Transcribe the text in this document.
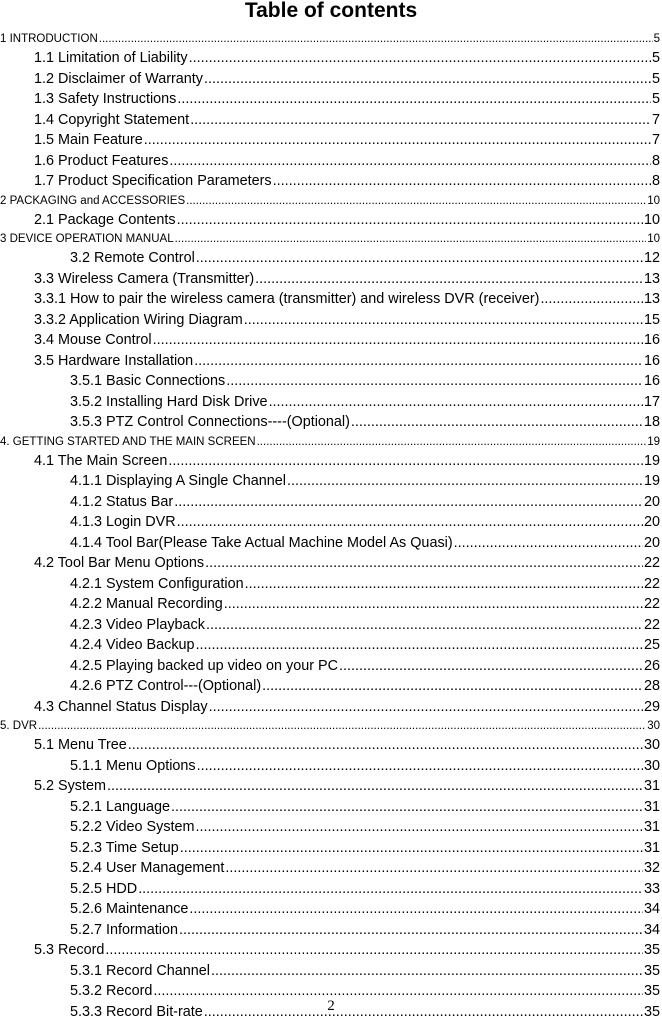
Table of contents
1 INTRODUCTION .....	5
1.1 Limitation of Liability .....	5
1.2 Disclaimer of Warranty .....	5
1.3 Safety Instructions .....	5
1.4 Copyright Statement .....	7
1.5 Main Feature .....	7
1.6 Product Features .....	8
1.7 Product Specification Parameters .....	8
2 PACKAGING and ACCESSORIES .....	10
2.1 Package Contents .....	10
3 DEVICE OPERATION MANUAL .....	10
3.2 Remote Control .....	12
3.3 Wireless Camera (Transmitter) .....	13
3.3.1 How to pair the wireless camera (transmitter) and wireless DVR (receiver) .....	13
3.3.2 Application Wiring Diagram .....	15
3.4 Mouse Control .....	16
3.5 Hardware Installation .....	16
3.5.1 Basic Connections .....	16
3.5.2 Installing Hard Disk Drive .....	17
3.5.3 PTZ Control Connections----(Optional) .....	18
4. GETTING STARTED AND THE MAIN SCREEN .....	19
4.1 The Main Screen .....	19
4.1.1 Displaying A Single Channel .....	19
4.1.2 Status Bar .....	20
4.1.3 Login DVR .....	20
4.1.4 Tool Bar(Please Take Actual Machine Model As Quasi) .....	20
4.2 Tool Bar Menu Options .....	22
4.2.1 System Configuration .....	22
4.2.2 Manual Recording .....	22
4.2.3 Video Playback .....	22
4.2.4 Video Backup .....	25
4.2.5 Playing backed up video on your PC .....	26
4.2.6 PTZ Control---(Optional) .....	28
4.3 Channel Status Display .....	29
5. DVR .....	30
5.1 Menu Tree .....	30
5.1.1 Menu Options .....	30
5.2 System .....	31
5.2.1 Language .....	31
5.2.2 Video System .....	31
5.2.3 Time Setup .....	31
5.2.4 User Management .....	32
5.2.5 HDD .....	33
5.2.6 Maintenance .....	34
5.2.7 Information .....	34
5.3 Record .....	35
5.3.1 Record Channel .....	35
5.3.2 Record .....	35
5.3.3 Record Bit-rate .....	35
2
